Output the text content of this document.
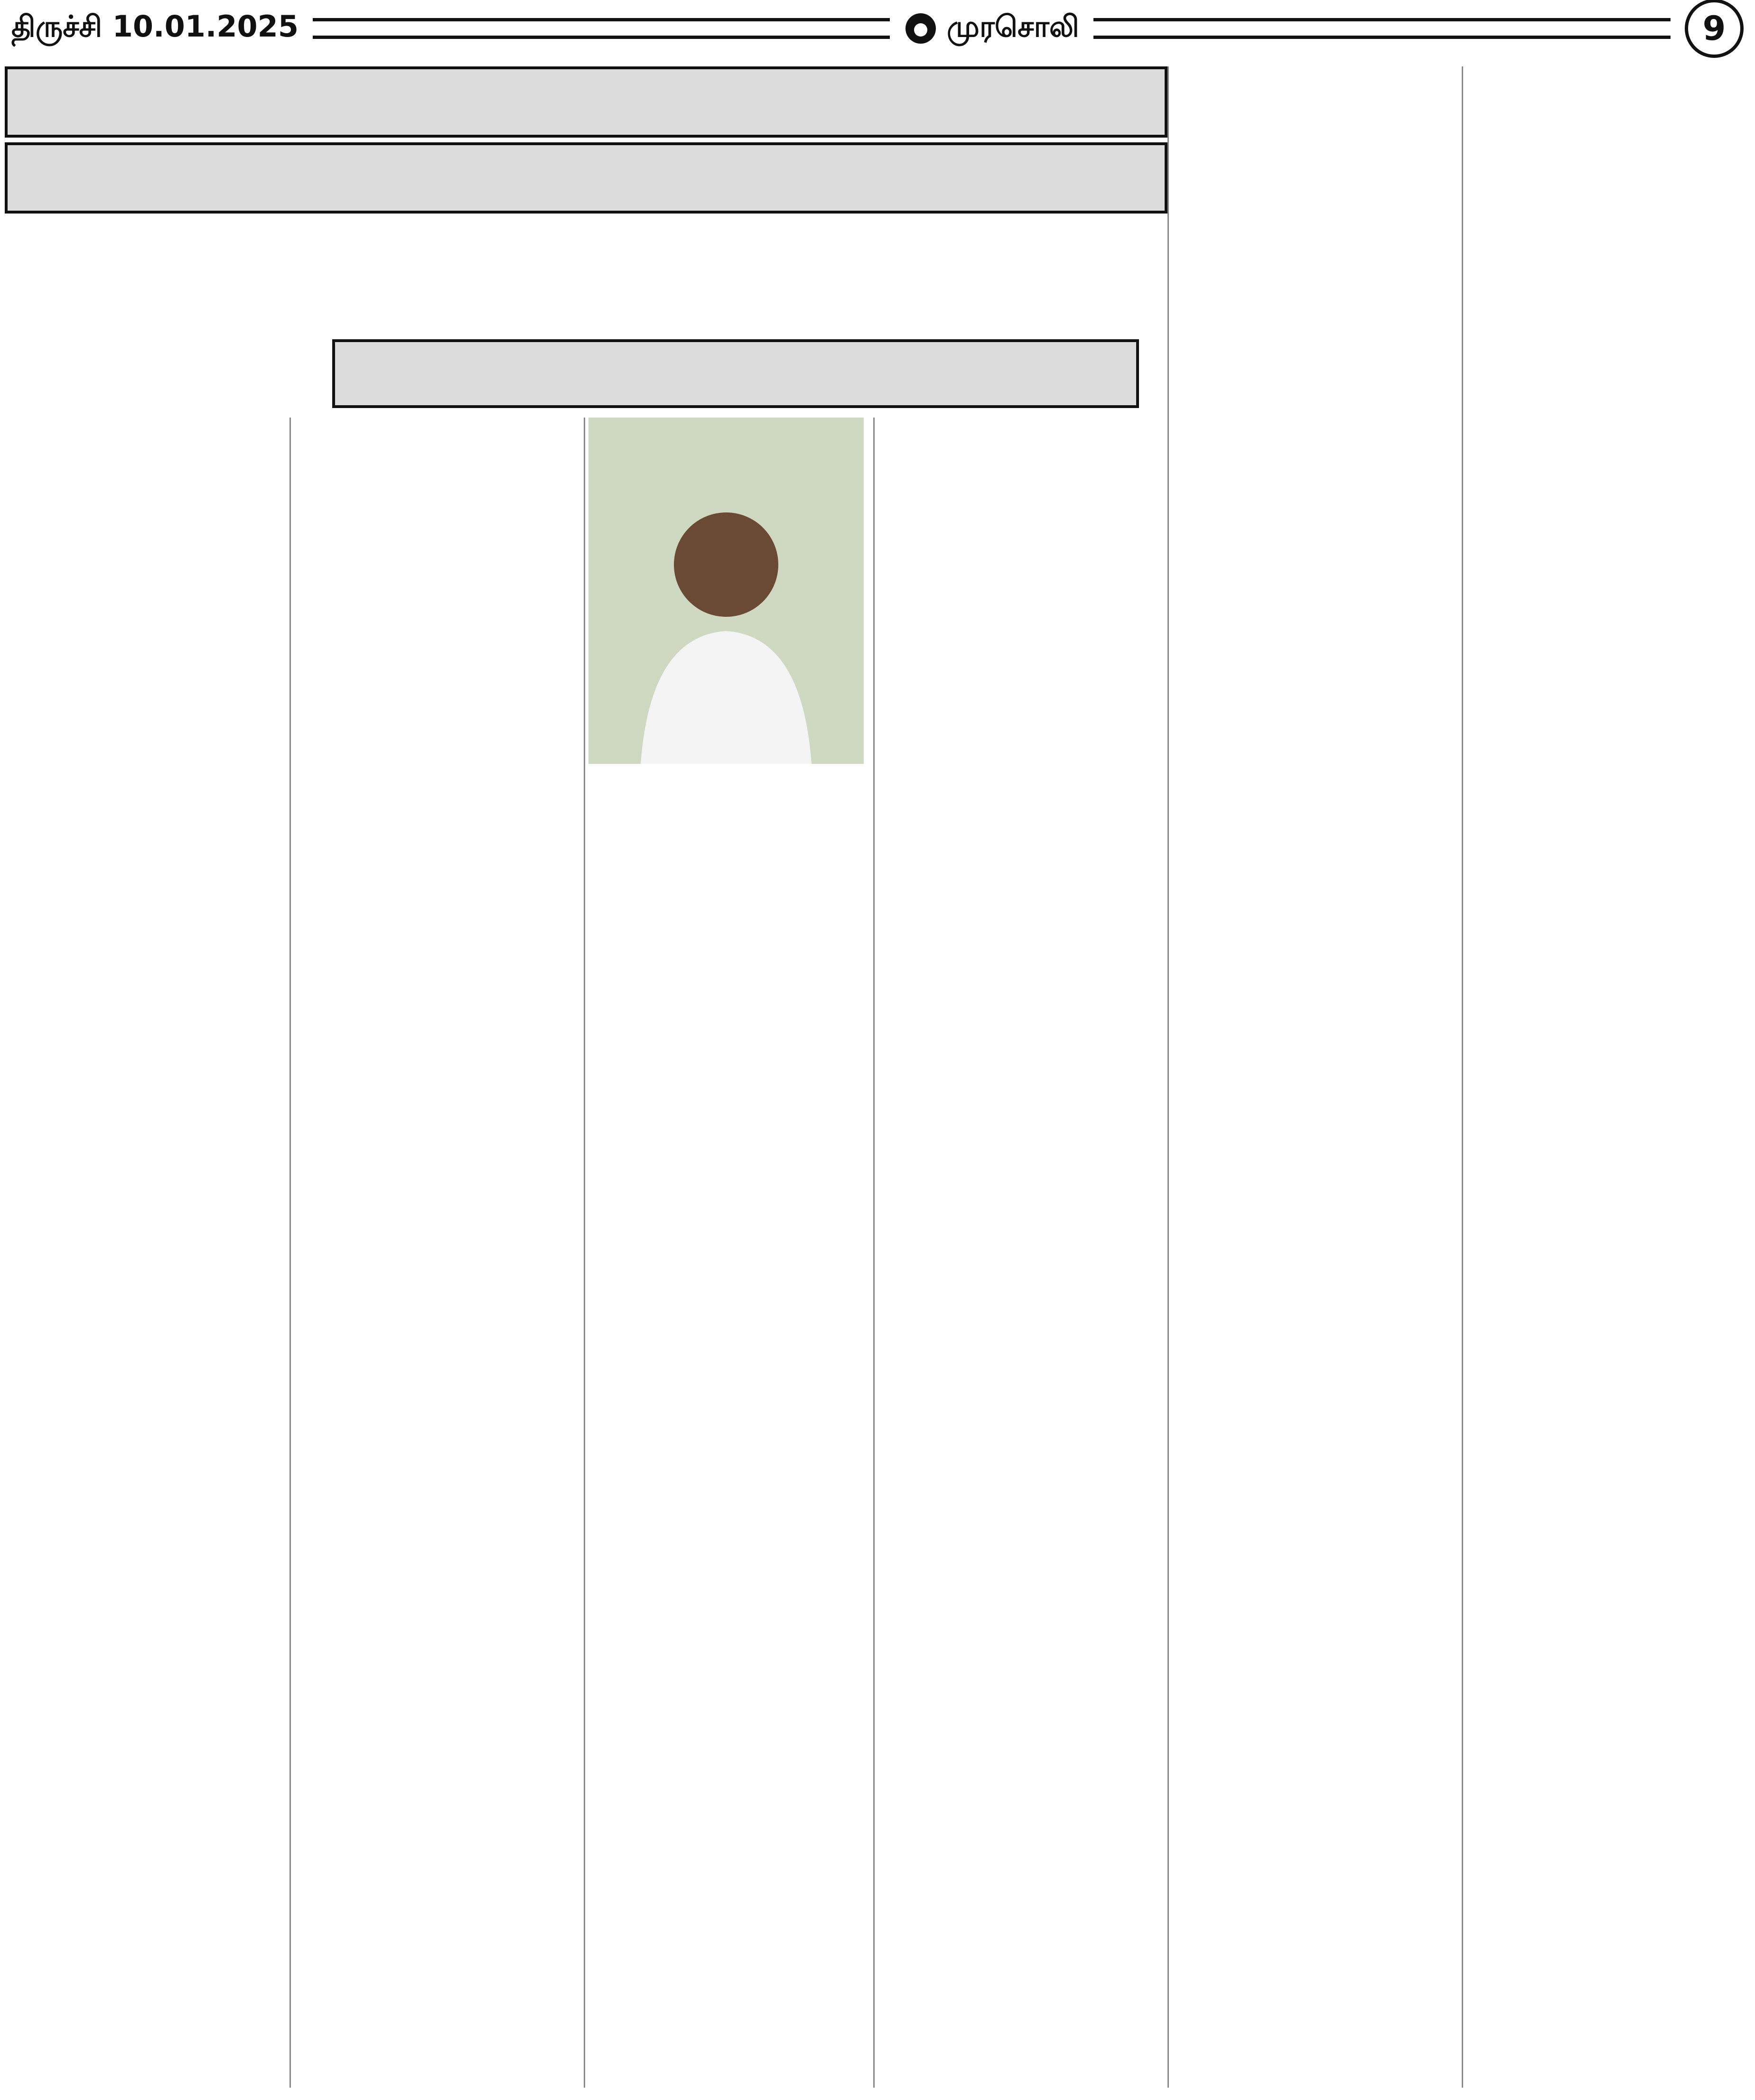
திருச்சி 10.01.2025	முரசொலி	9
